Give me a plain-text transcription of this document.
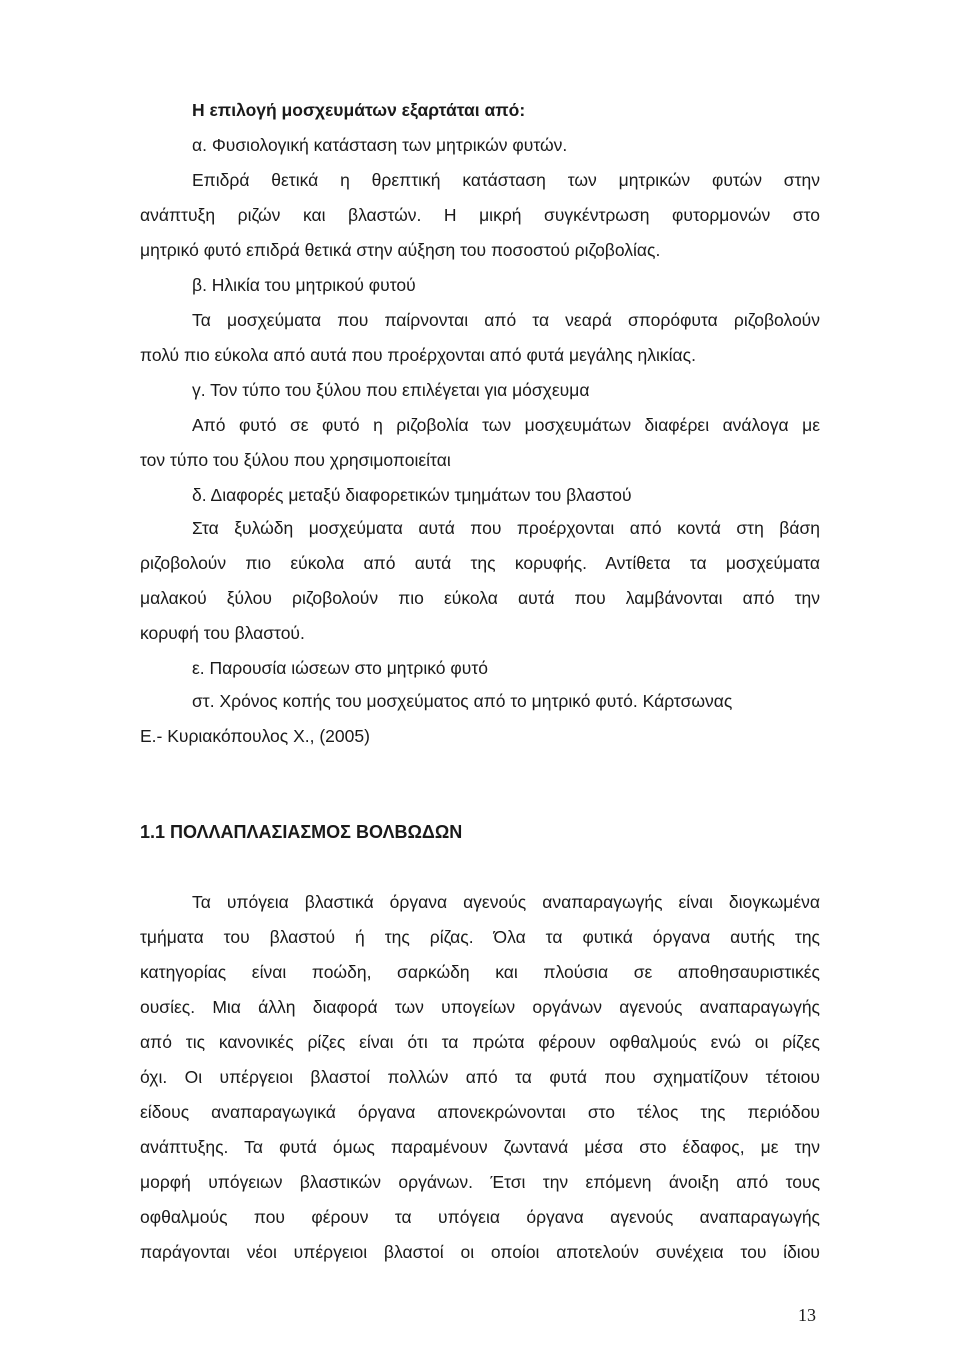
Η επιλογή μοσχευμάτων εξαρτάται από:
α. Φυσιολογική κατάσταση των μητρικών φυτών.
Επιδρά θετικά η θρεπτική κατάσταση των μητρικών φυτών στην
ανάπτυξη ριζών και βλαστών. Η μικρή συγκέντρωση φυτορμονών στο
μητρικό φυτό επιδρά θετικά στην αύξηση του ποσοστού ριζοβολίας.
β. Ηλικία του μητρικού φυτού
Τα μοσχεύματα που παίρνονται από τα νεαρά σπορόφυτα ριζοβολούν
πολύ πιο εύκολα από αυτά που προέρχονται από φυτά μεγάλης ηλικίας.
γ. Τον τύπο του ξύλου που επιλέγεται για μόσχευμα
Από φυτό σε φυτό η ριζοβολία των μοσχευμάτων διαφέρει ανάλογα με
τον τύπο του ξύλου που χρησιμοποιείται
δ. Διαφορές μεταξύ διαφορετικών τμημάτων του βλαστού
Στα ξυλώδη μοσχεύματα αυτά που προέρχονται από κοντά στη βάση
ριζοβολούν πιο εύκολα από αυτά της κορυφής. Αντίθετα τα μοσχεύματα
μαλακού ξύλου ριζοβολούν πιο εύκολα αυτά που λαμβάνονται από την
κορυφή του βλαστού.
ε. Παρουσία ιώσεων στο μητρικό φυτό
στ. Χρόνος κοπής του μοσχεύματος από το μητρικό φυτό. Κάρτσωνας
Ε.- Κυριακόπουλος Χ., (2005)
1.1 ΠΟΛΛΑΠΛΑΣΙΑΣΜΟΣ ΒΟΛΒΩΔΩΝ
Τα υπόγεια βλαστικά όργανα αγενούς αναπαραγωγής είναι διογκωμένα
τμήματα του βλαστού ή της ρίζας. Όλα τα φυτικά όργανα αυτής της
κατηγορίας είναι ποώδη, σαρκώδη και πλούσια σε αποθησαυριστικές
ουσίες. Μια άλλη διαφορά των υπογείων οργάνων αγενούς αναπαραγωγής
από τις κανονικές ρίζες είναι ότι τα πρώτα φέρουν οφθαλμούς ενώ οι ρίζες
όχι. Οι υπέργειοι βλαστοί πολλών από τα φυτά που σχηματίζουν τέτοιου
είδους αναπαραγωγικά όργανα απονεκρώνονται στο τέλος της περιόδου
ανάπτυξης. Τα φυτά όμως παραμένουν ζωντανά μέσα στο έδαφος, με την
μορφή υπόγειων βλαστικών οργάνων. Έτσι την επόμενη άνοιξη από τους
οφθαλμούς που φέρουν τα υπόγεια όργανα αγενούς αναπαραγωγής
παράγονται νέοι υπέργειοι βλαστοί οι οποίοι αποτελούν συνέχεια του ίδιου
13
